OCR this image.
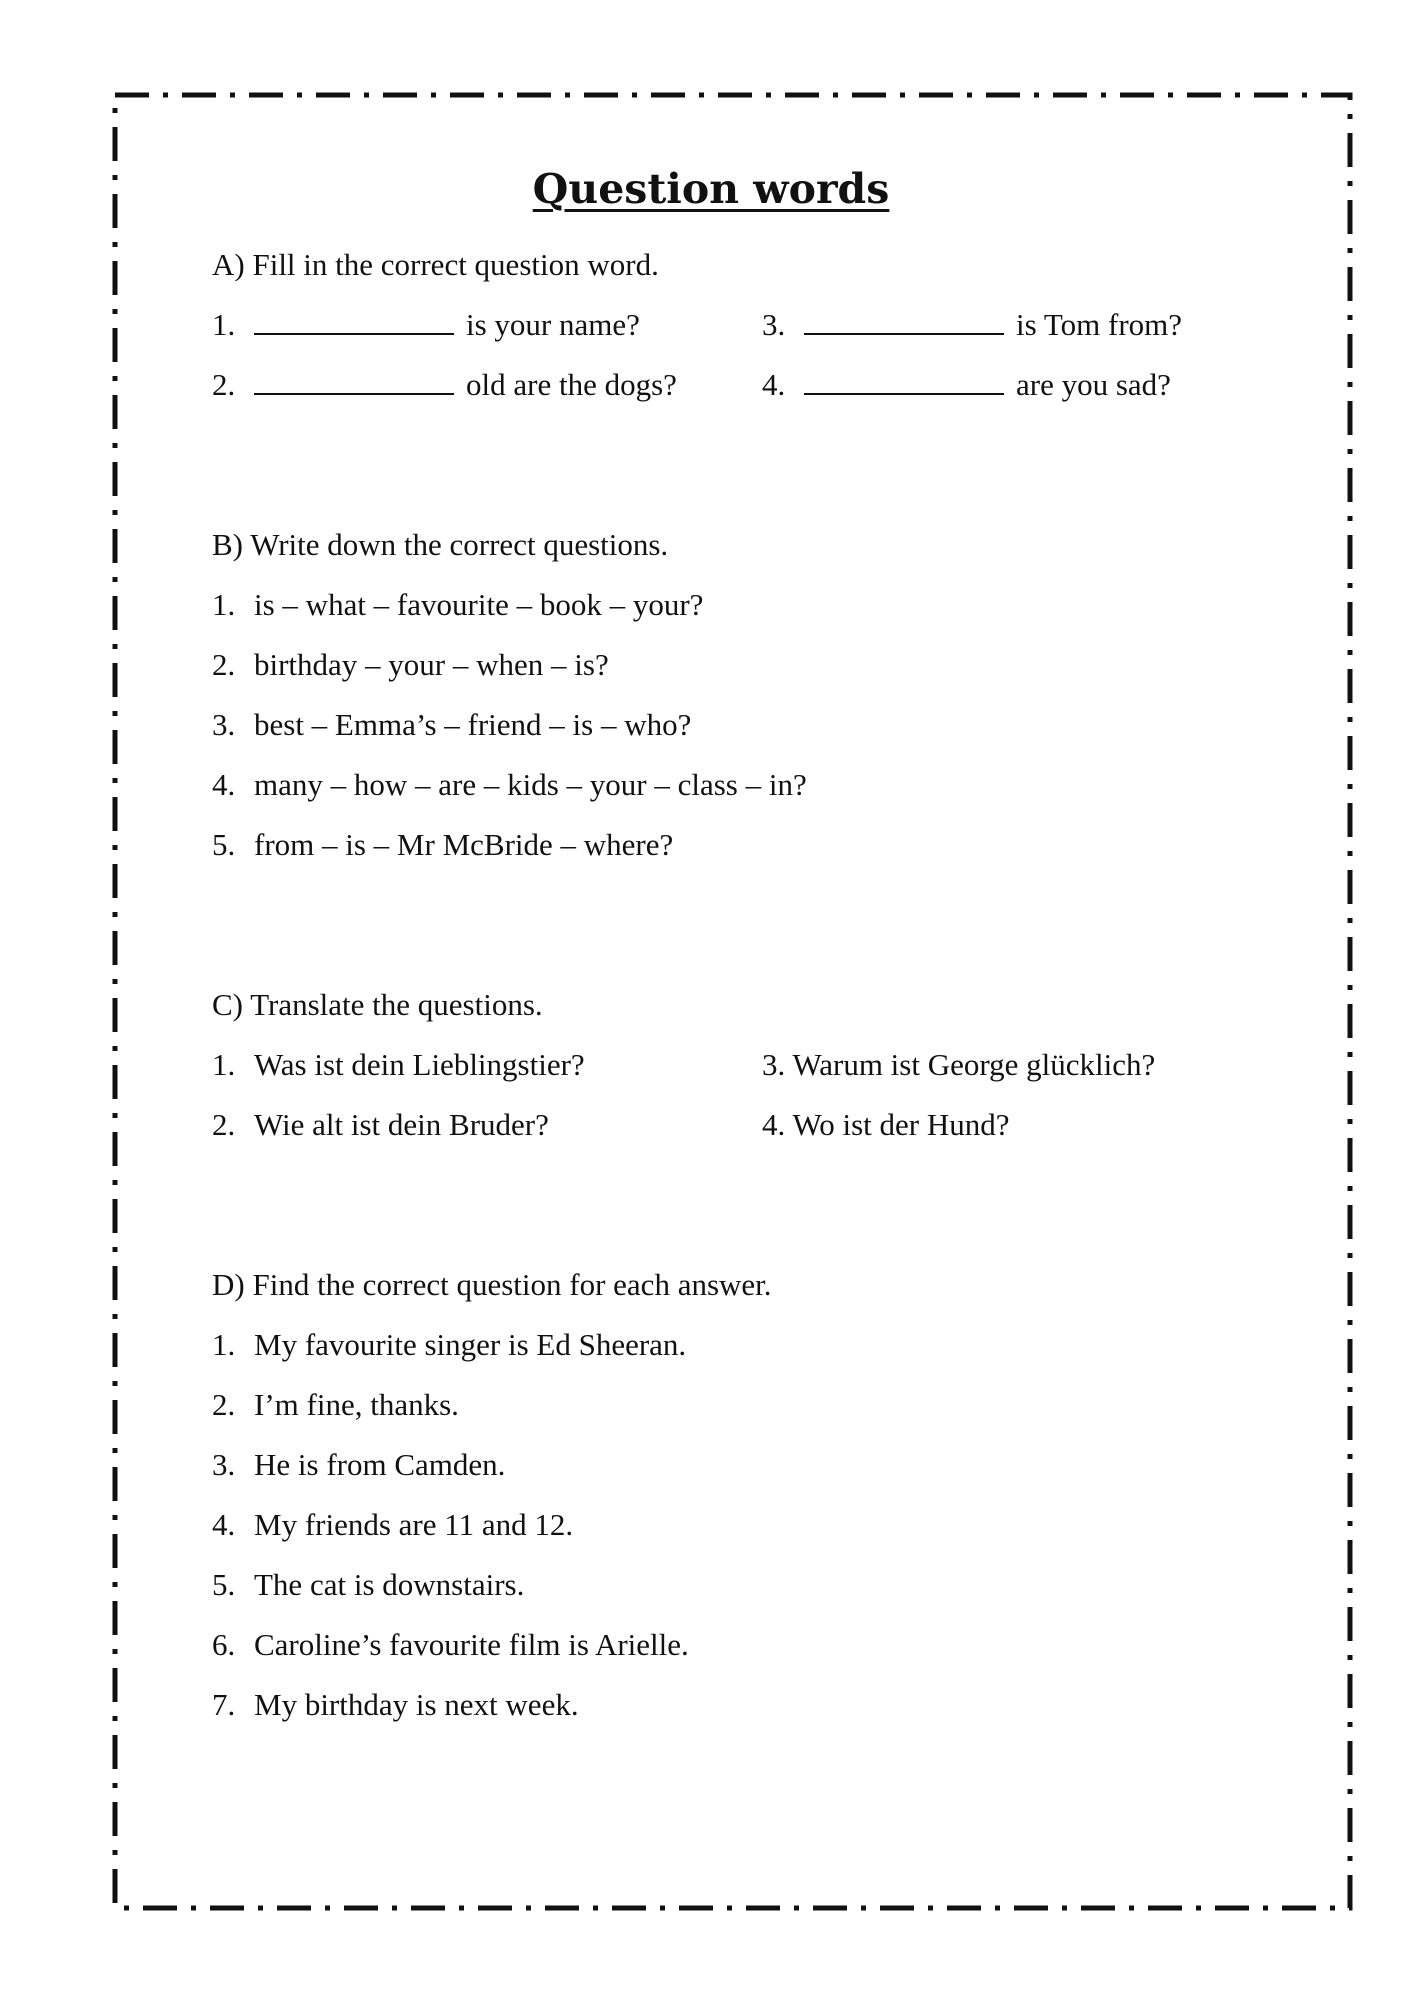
Question words
A) Fill in the correct question word.
1.	is your name?
2.	old are the dogs?
3.	is Tom from?
4.	are you sad?
B) Write down the correct questions.
1. is – what – favourite – book – your?
2. birthday – your – when – is?
3. best – Emma’s – friend – is – who?
4. many – how – are – kids – your – class – in?
5. from – is – Mr McBride – where?
C) Translate the questions.
1. Was ist dein Lieblingstier?
2. Wie alt ist dein Bruder?
3. Warum ist George glücklich?
4. Wo ist der Hund?
D) Find the correct question for each answer.
1. My favourite singer is Ed Sheeran.
2. I’m fine, thanks.
3. He is from Camden.
4. My friends are 11 and 12.
5. The cat is downstairs.
6. Caroline’s favourite film is Arielle.
7. My birthday is next week.
